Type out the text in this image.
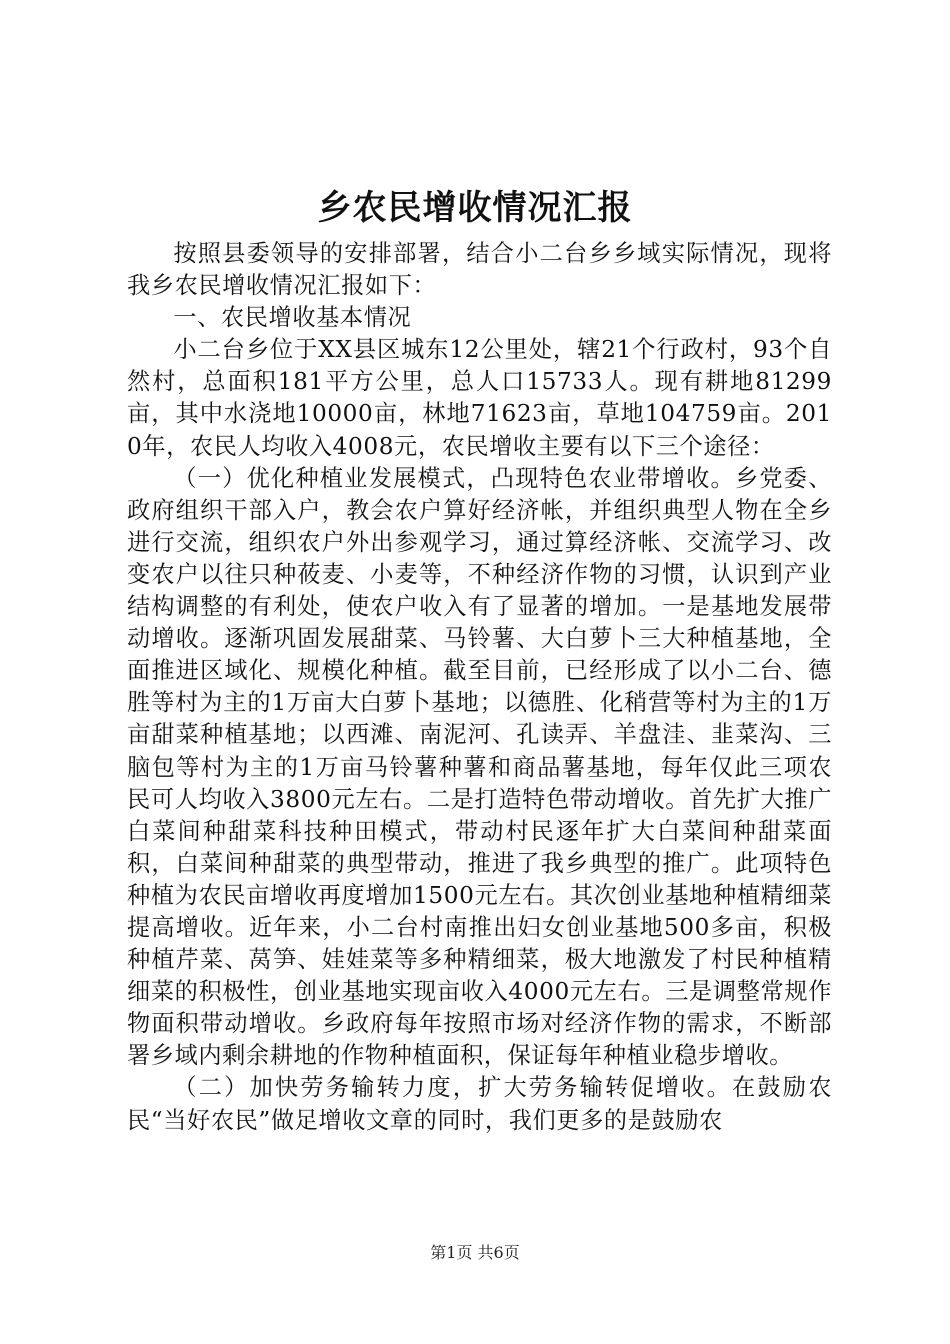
乡农民增收情况汇报

按照县委领导的安排部署，结合小二台乡乡域实际情况，现将我乡农民增收情况汇报如下：

一、农民增收基本情况

小二台乡位于XX县区城东12公里处，辖21个行政村，93个自然村，总面积181平方公里，总人口15733人。现有耕地81299亩，其中水浇地10000亩，林地71623亩，草地104759亩。2010年，农民人均收入4008元，农民增收主要有以下三个途径：

（一）优化种植业发展模式，凸现特色农业带增收。乡党委、政府组织干部入户，教会农户算好经济帐，并组织典型人物在全乡进行交流，组织农户外出参观学习，通过算经济帐、交流学习、改变农户以往只种莜麦、小麦等，不种经济作物的习惯，认识到产业结构调整的有利处，使农户收入有了显著的增加。一是基地发展带动增收。逐渐巩固发展甜菜、马铃薯、大白萝卜三大种植基地，全面推进区域化、规模化种植。截至目前，已经形成了以小二台、德胜等村为主的1万亩大白萝卜基地；以德胜、化稍营等村为主的1万亩甜菜种植基地；以西滩、南泥河、孔读弄、羊盘洼、韭菜沟、三脑包等村为主的1万亩马铃薯种薯和商品薯基地，每年仅此三项农民可人均收入3800元左右。二是打造特色带动增收。首先扩大推广白菜间种甜菜科技种田模式，带动村民逐年扩大白菜间种甜菜面积，白菜间种甜菜的典型带动，推进了我乡典型的推广。此项特色种植为农民亩增收再度增加1500元左右。其次创业基地种植精细菜提高增收。近年来，小二台村南推出妇女创业基地500多亩，积极种植芹菜、莴笋、娃娃菜等多种精细菜，极大地激发了村民种植精细菜的积极性，创业基地实现亩收入4000元左右。三是调整常规作物面积带动增收。乡政府每年按照市场对经济作物的需求，不断部署乡域内剩余耕地的作物种植面积，保证每年种植业稳步增收。

（二）加快劳务输转力度，扩大劳务输转促增收。在鼓励农民“当好农民”做足增收文章的同时，我们更多的是鼓励农

第1页 共6页
